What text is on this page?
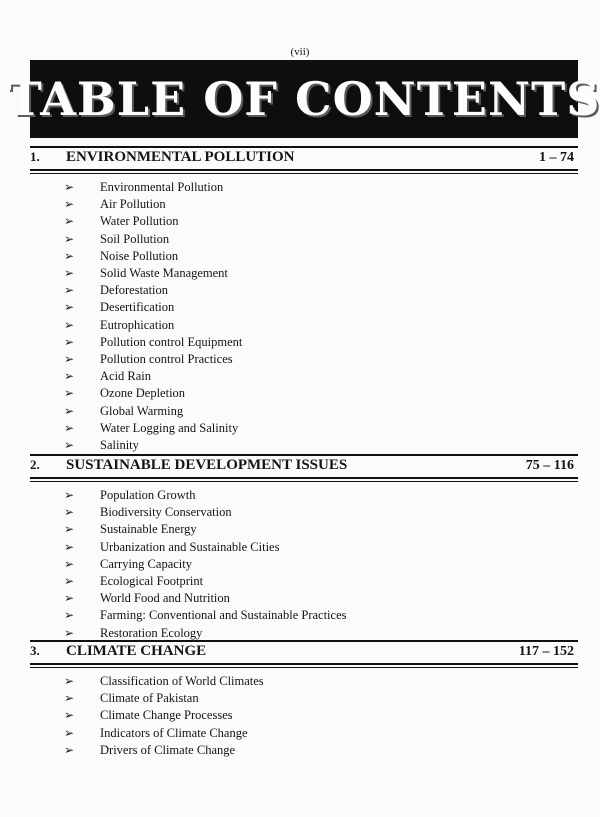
(vii)
TABLE OF CONTENTS
1.	ENVIRONMENTAL POLLUTION	1 – 74
➢	Environmental Pollution
➢	Air Pollution
➢	Water Pollution
➢	Soil Pollution
➢	Noise Pollution
➢	Solid Waste Management
➢	Deforestation
➢	Desertification
➢	Eutrophication
➢	Pollution control Equipment
➢	Pollution control Practices
➢	Acid Rain
➢	Ozone Depletion
➢	Global Warming
➢	Water Logging and Salinity
➢	Salinity
2.	SUSTAINABLE DEVELOPMENT ISSUES	75 – 116
➢	Population Growth
➢	Biodiversity Conservation
➢	Sustainable Energy
➢	Urbanization and Sustainable Cities
➢	Carrying Capacity
➢	Ecological Footprint
➢	World Food and Nutrition
➢	Farming: Conventional and Sustainable Practices
➢	Restoration Ecology
3.	CLIMATE CHANGE	117 – 152
➢	Classification of World Climates
➢	Climate of Pakistan
➢	Climate Change Processes
➢	Indicators of Climate Change
➢	Drivers of Climate Change
